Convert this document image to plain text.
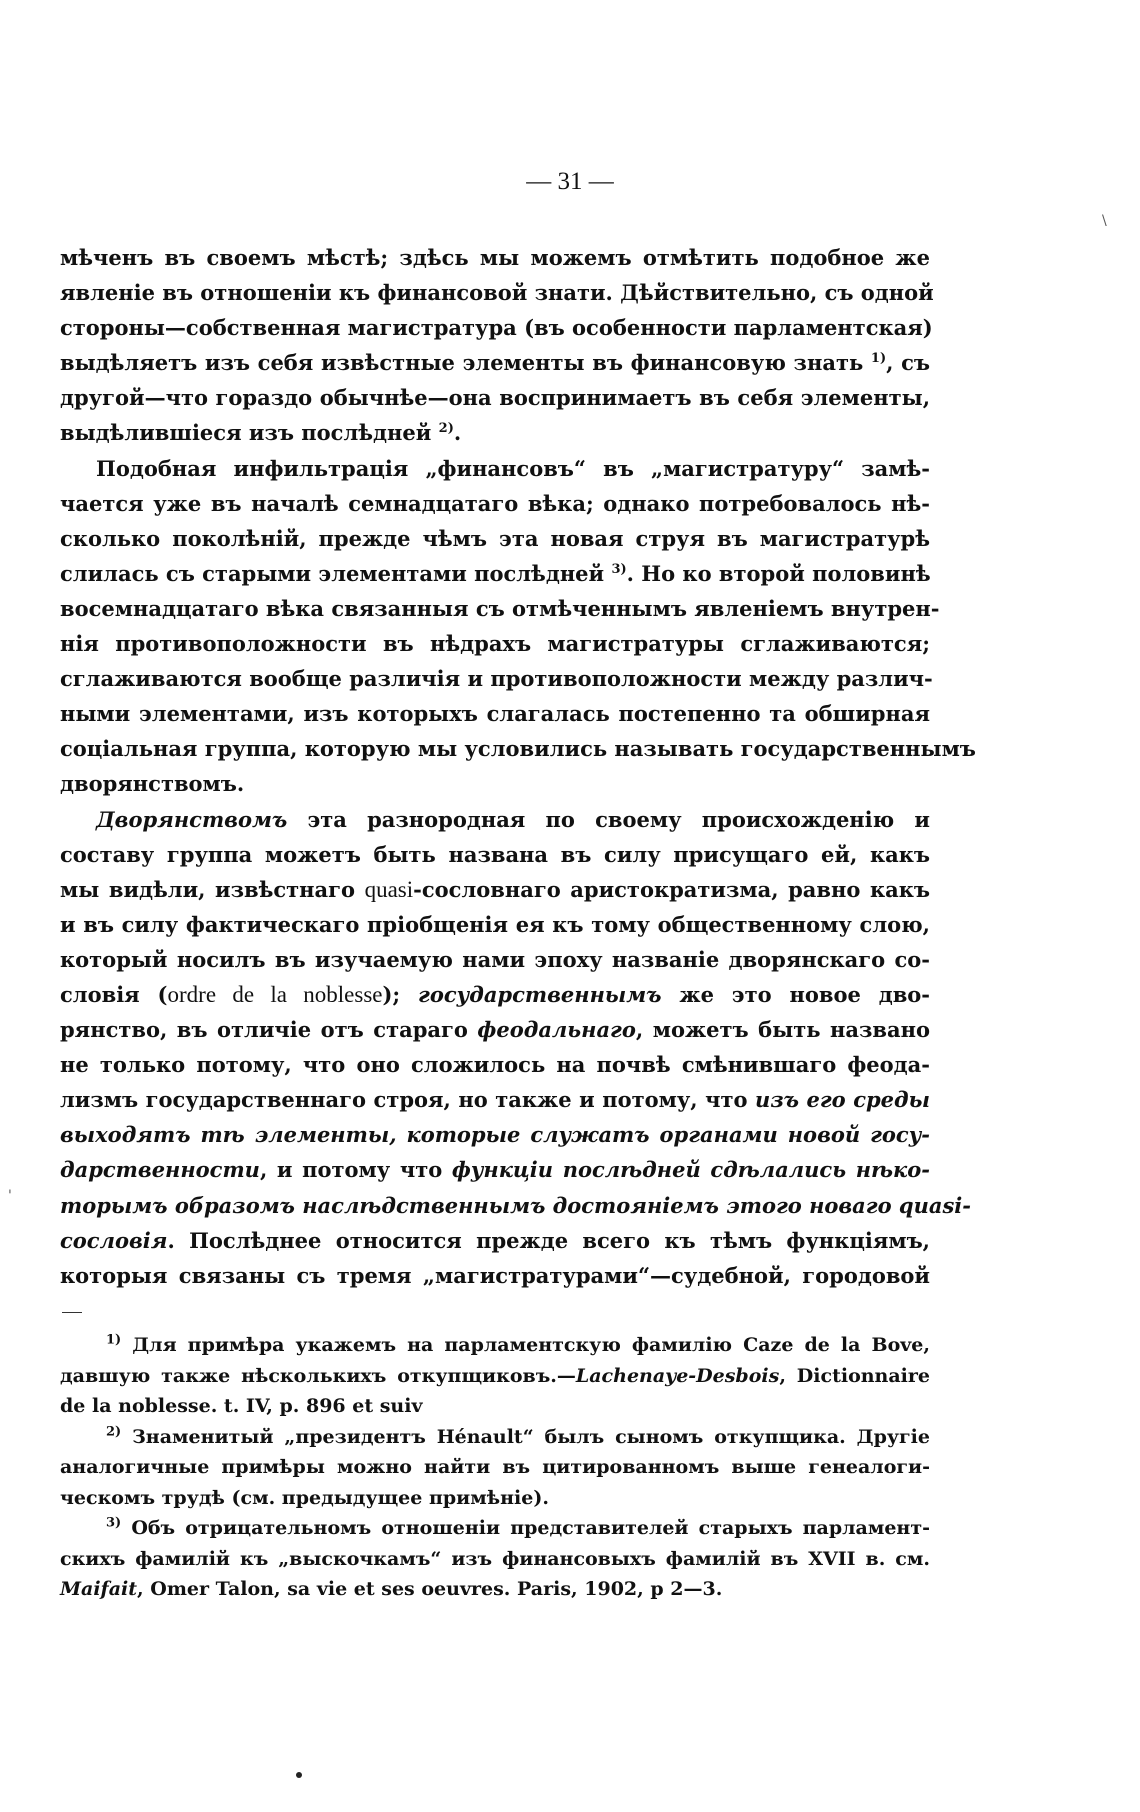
— 31 —
\
'

мѣченъ въ своемъ мѣстѣ; здѣсь мы можемъ отмѣтить подобное же
явленіе въ отношеніи къ финансовой знати. Дѣйствительно, съ одной
стороны—собственная магистратура (въ особенности парламентская)
выдѣляетъ изъ себя извѣстные элементы въ финансовую знать $^{1)}$, съ
другой—что гораздо обычнѣе—она воспринимаетъ въ себя элементы,
выдѣлившіеся изъ послѣдней $^{2)}$.

Подобная инфильтрація „финансовъ“ въ „магистратуру“ замѣ-
чается уже въ началѣ семнадцатаго вѣка; однако потребовалось нѣ-
сколько поколѣній, прежде чѣмъ эта новая струя въ магистратурѣ
слилась съ старыми элементами послѣдней $^{3)}$. Но ко второй половинѣ
восемнадцатаго вѣка связанныя съ отмѣченнымъ явленіемъ внутрен-
нія противоположности въ нѣдрахъ магистратуры сглаживаются;
сглаживаются вообще различія и противоположности между различ-
ными элементами, изъ которыхъ слагалась постепенно та обширная
соціальная группа, которую мы условились называть государственнымъ
дворянствомъ.

Дворянствомъ эта разнородная по своему происхожденію и
составу группа можетъ быть названа въ силу присущаго ей, какъ
мы видѣли, извѣстнаго quasi-сословнаго аристократизма, равно какъ
и въ силу фактическаго пріобщенія ея къ тому общественному слою,
который носилъ въ изучаемую нами эпоху названіе дворянскаго со-
словія (ordre de la noblesse); государственнымъ же это новое дво-
рянство, въ отличіе отъ стараго феодальнаго, можетъ быть названо
не только потому, что оно сложилось на почвѣ смѣнившаго феода-
лизмъ государственнаго строя, но также и потому, что изъ его среды
выходятъ тѣ элементы, которые служатъ органами новой госу-
дарственности, и потому что функціи послѣдней сдѣлались нѣко-
торымъ образомъ наслѣдственнымъ достояніемъ этого новаго quasi-
сословія. Послѣднее относится прежде всего къ тѣмъ функціямъ,
которыя связаны съ тремя „магистратурами“—судебной, городовой

$^{1)}$ Для примѣра укажемъ на парламентскую фамилію Caze de la Bove,
давшую также нѣсколькихъ откупщиковъ.—Lachenaye-Desbois, Dictionnaire
de la noblesse. t. IV, p. 896 et suiv
$^{2)}$ Знаменитый „президентъ Hénault“ былъ сыномъ откупщика. Другіе
аналогичные примѣры можно найти въ цитированномъ выше генеалоги-
ческомъ трудѣ (см. предыдущее примѣніе).
$^{3)}$ Объ отрицательномъ отношеніи представителей старыхъ парламент-
скихъ фамилій къ „выскочкамъ“ изъ финансовыхъ фамилій въ XVII в. см.
Maifait, Omer Talon, sa vie et ses oeuvres. Paris, 1902, p 2—3.
